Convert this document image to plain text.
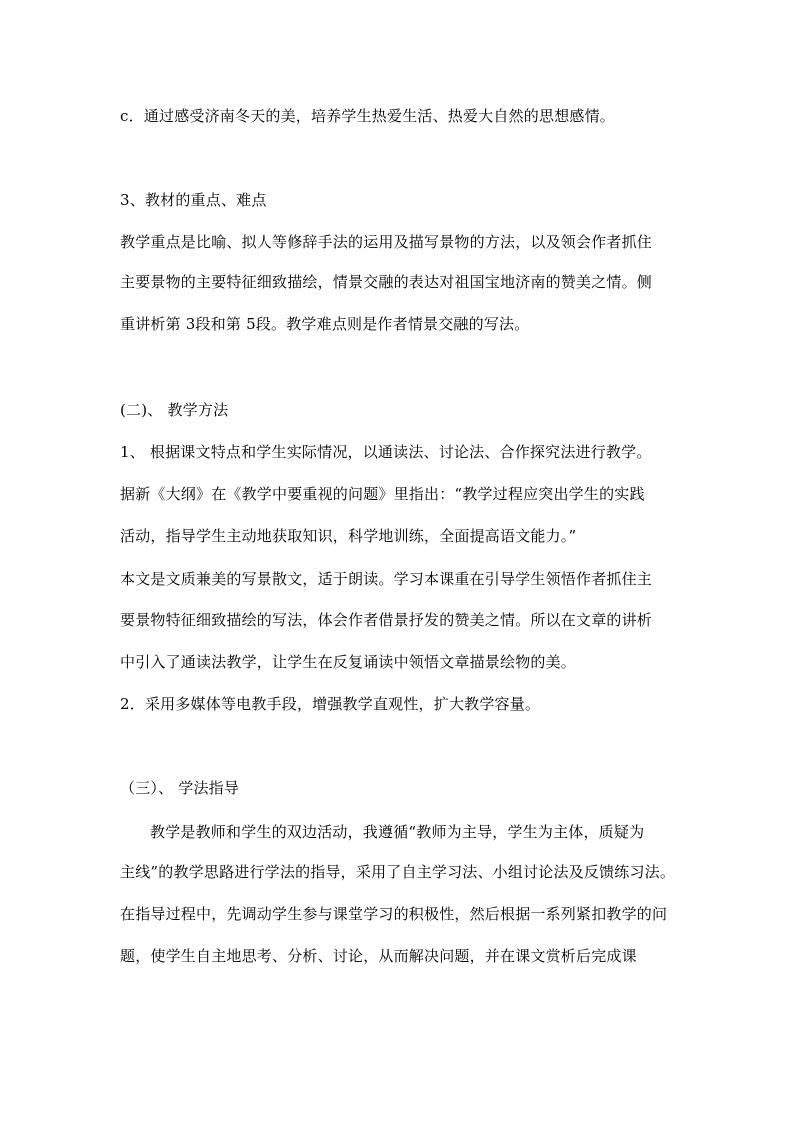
c．通过感受济南冬天的美，培养学生热爱生活、热爱大自然的思想感情。
3、教材的重点、难点
教学重点是比喻、拟人等修辞手法的运用及描写景物的方法，以及领会作者抓住
主要景物的主要特征细致描绘，情景交融的表达对祖国宝地济南的赞美之情。侧
重讲析第 3段和第 5段。教学难点则是作者情景交融的写法。
(二)、 教学方法
1、 根据课文特点和学生实际情况，以通读法、讨论法、合作探究法进行教学。
据新《大纲》在《教学中要重视的问题》里指出：“教学过程应突出学生的实践
活动，指导学生主动地获取知识，科学地训练，全面提高语文能力。”
本文是文质兼美的写景散文，适于朗读。学习本课重在引导学生领悟作者抓住主
要景物特征细致描绘的写法，体会作者借景抒发的赞美之情。所以在文章的讲析
中引入了通读法教学，让学生在反复诵读中领悟文章描景绘物的美。
2．采用多媒体等电教手段，增强教学直观性，扩大教学容量。
（三）、 学法指导
教学是教师和学生的双边活动，我遵循“教师为主导，学生为主体，质疑为
主线”的教学思路进行学法的指导，采用了自主学习法、小组讨论法及反馈练习法。
在指导过程中，先调动学生参与课堂学习的积极性，然后根据一系列紧扣教学的问
题，使学生自主地思考、分析、讨论，从而解决问题，并在课文赏析后完成课
